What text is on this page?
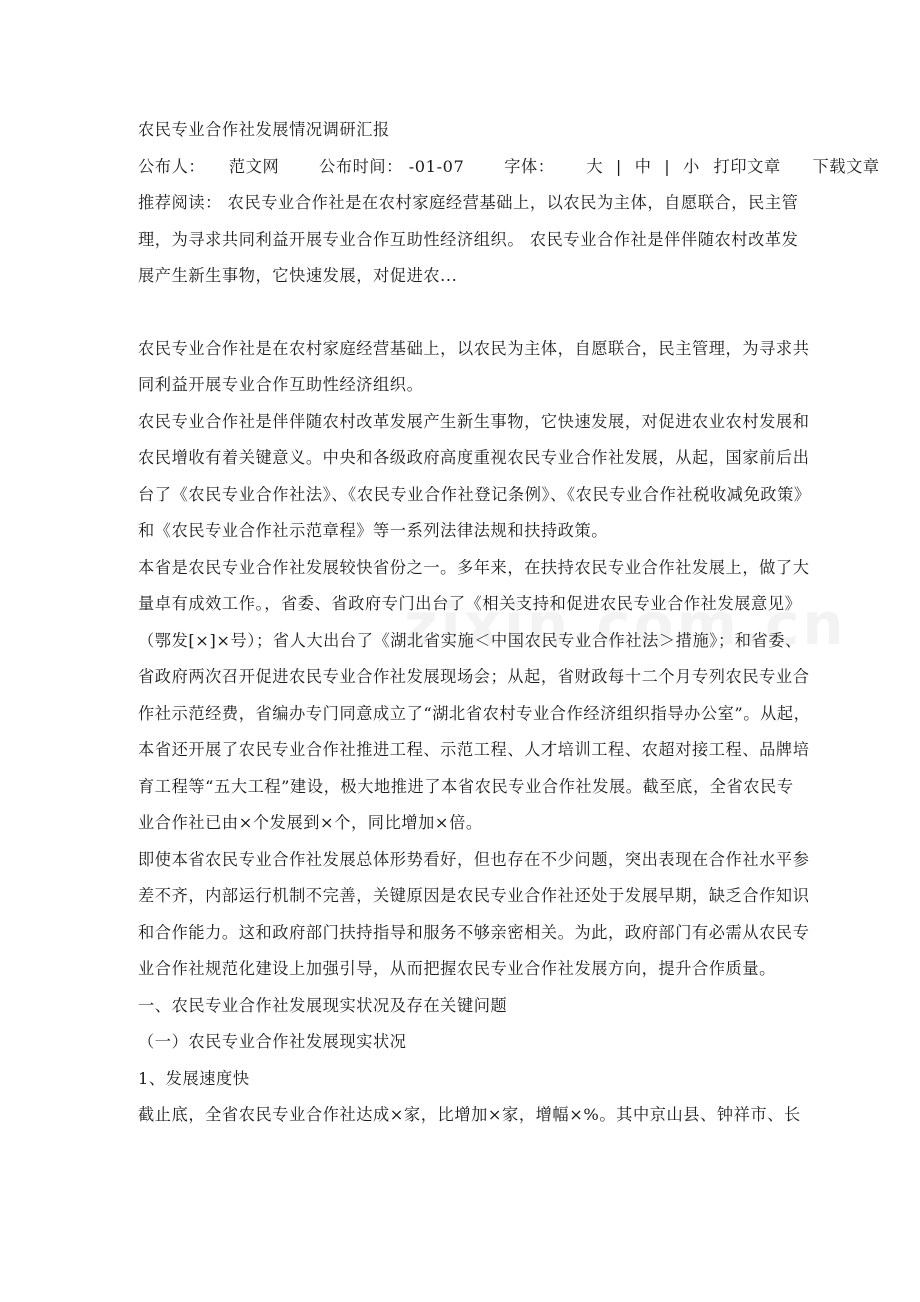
农民专业合作社发展情况调研汇报
公布人： 范文网 公布时间： -01-07 字体： 大 | 中 | 小 打印文章 下载文章
推荐阅读： 农民专业合作社是在农村家庭经营基础上，以农民为主体，自愿联合，民主管
理，为寻求共同利益开展专业合作互助性经济组织。 农民专业合作社是伴伴随农村改革发
展产生新生事物，它快速发展，对促进农...
农民专业合作社是在农村家庭经营基础上，以农民为主体，自愿联合，民主管理，为寻求共
同利益开展专业合作互助性经济组织。
农民专业合作社是伴伴随农村改革发展产生新生事物，它快速发展，对促进农业农村发展和
农民增收有着关键意义。中央和各级政府高度重视农民专业合作社发展，从起，国家前后出
台了《农民专业合作社法》、《农民专业合作社登记条例》、《农民专业合作社税收减免政策》
和《农民专业合作社示范章程》等一系列法律法规和扶持政策。
本省是农民专业合作社发展较快省份之一。多年来，在扶持农民专业合作社发展上，做了大
量卓有成效工作。，省委、省政府专门出台了《相关支持和促进农民专业合作社发展意见》
（鄂发[×]×号）；省人大出台了《湖北省实施＜中国农民专业合作社法＞措施》；和省委、
省政府两次召开促进农民专业合作社发展现场会；从起，省财政每十二个月专列农民专业合
作社示范经费，省编办专门同意成立了“湖北省农村专业合作经济组织指导办公室”。从起，
本省还开展了农民专业合作社推进工程、示范工程、人才培训工程、农超对接工程、品牌培
育工程等“五大工程”建设，极大地推进了本省农民专业合作社发展。截至底，全省农民专
业合作社已由×个发展到×个，同比增加×倍。
即使本省农民专业合作社发展总体形势看好，但也存在不少问题，突出表现在合作社水平参
差不齐，内部运行机制不完善，关键原因是农民专业合作社还处于发展早期，缺乏合作知识
和合作能力。这和政府部门扶持指导和服务不够亲密相关。为此，政府部门有必需从农民专
业合作社规范化建设上加强引导，从而把握农民专业合作社发展方向，提升合作质量。
一、农民专业合作社发展现实状况及存在关键问题
（一）农民专业合作社发展现实状况
1、发展速度快
截止底，全省农民专业合作社达成×家，比增加×家，增幅×%。其中京山县、钟祥市、长
